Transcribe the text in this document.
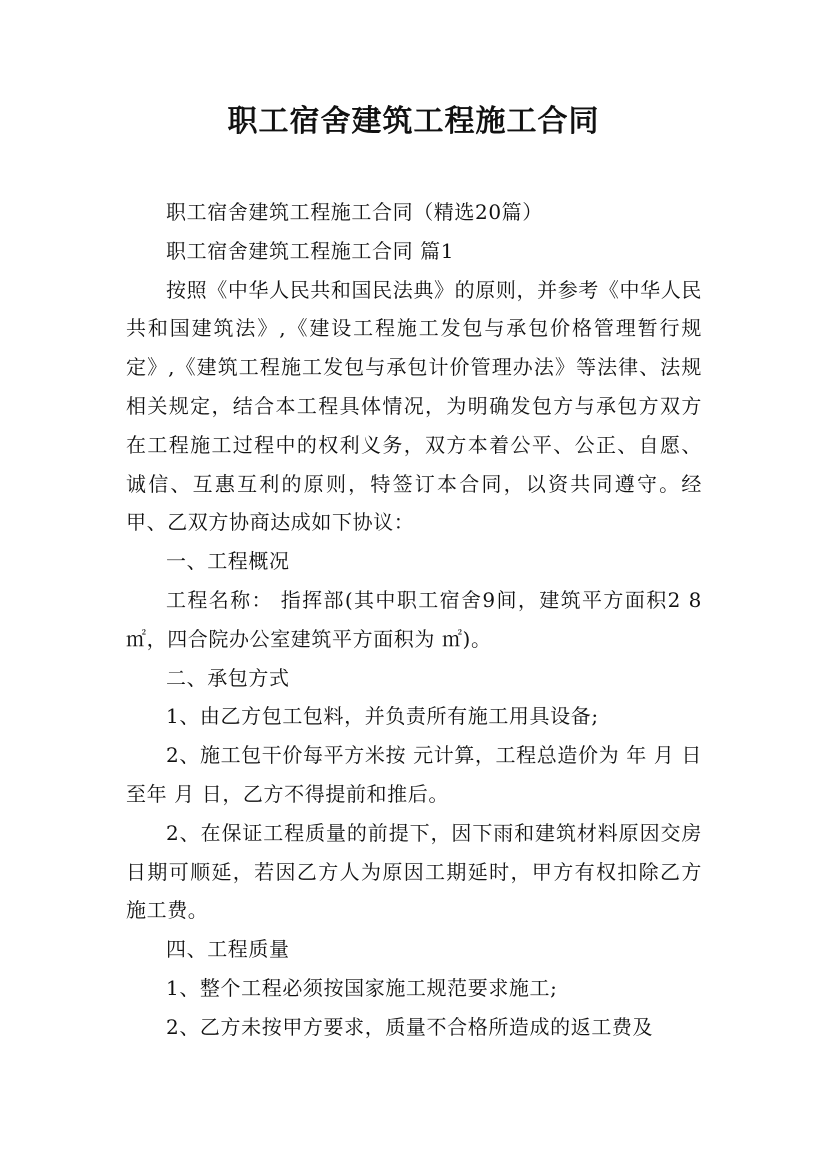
职工宿舍建筑工程施工合同

职工宿舍建筑工程施工合同（精选20篇）

职工宿舍建筑工程施工合同 篇1

按照《中华人民共和国民法典》的原则，并参考《中华人民共和国建筑法》,《建设工程施工发包与承包价格管理暂行规定》,《建筑工程施工发包与承包计价管理办法》等法律、法规相关规定，结合本工程具体情况，为明确发包方与承包方双方在工程施工过程中的权利义务，双方本着公平、公正、自愿、诚信、互惠互利的原则，特签订本合同，以资共同遵守。经甲、乙双方协商达成如下协议：

一、工程概况

工程名称： 指挥部(其中职工宿舍9间，建筑平方面积2 8㎡，四合院办公室建筑平方面积为 ㎡)。

二、承包方式

1、由乙方包工包料，并负责所有施工用具设备;

2、施工包干价每平方米按 元计算，工程总造价为 年 月 日至年 月 日，乙方不得提前和推后。

2、在保证工程质量的前提下，因下雨和建筑材料原因交房日期可顺延，若因乙方人为原因工期延时，甲方有权扣除乙方施工费。

四、工程质量

1、整个工程必须按国家施工规范要求施工;

2、乙方未按甲方要求，质量不合格所造成的返工费及
